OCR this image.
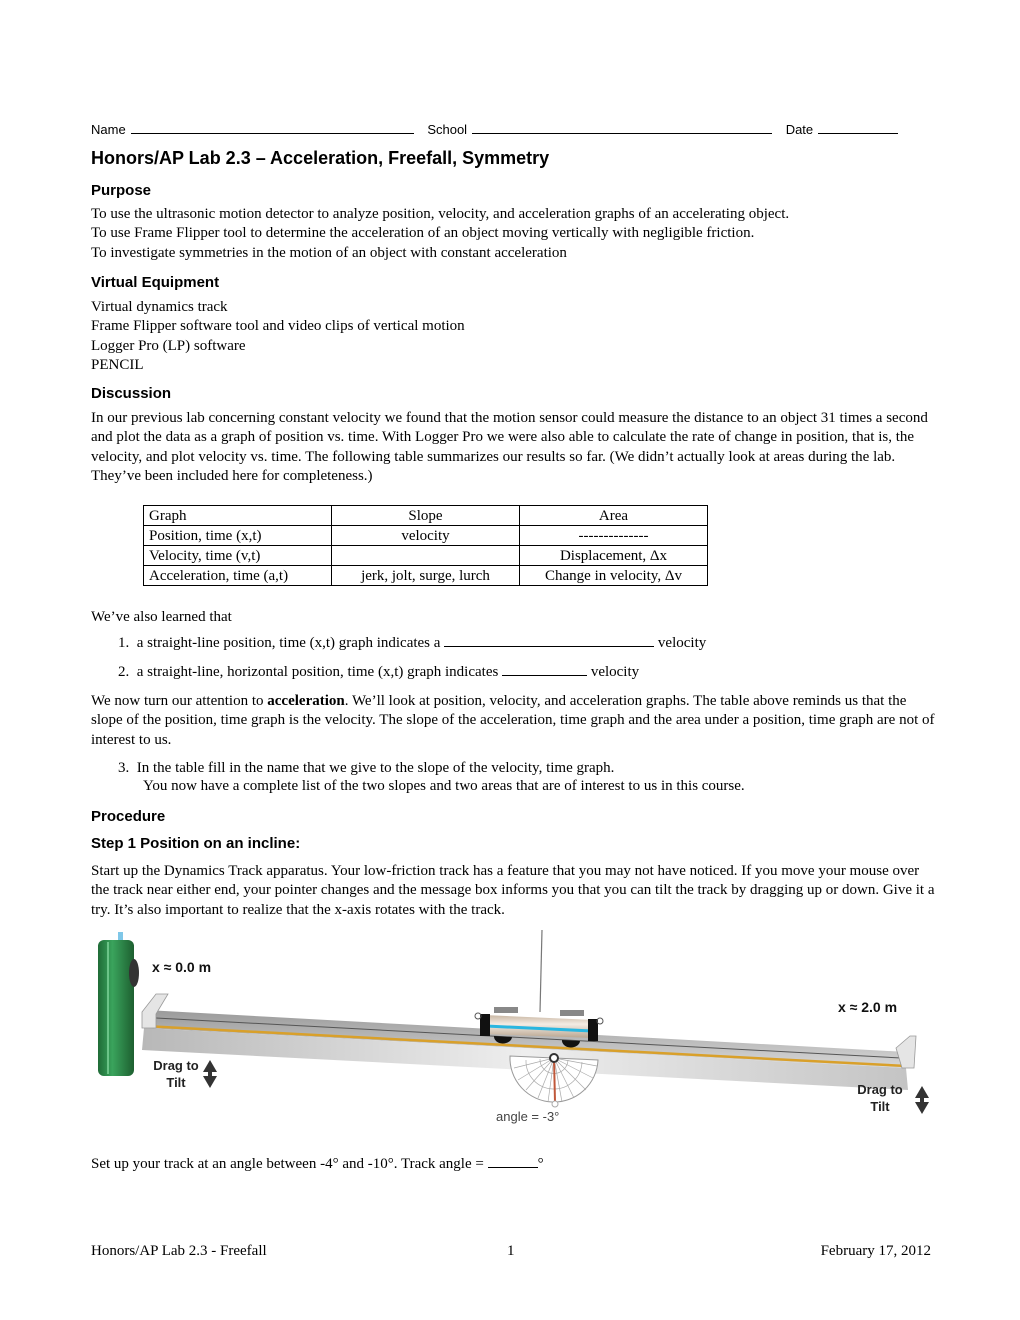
Name	School	Date
Honors/AP Lab 2.3 – Acceleration, Freefall, Symmetry
Purpose
To use the ultrasonic motion detector to analyze position, velocity, and acceleration graphs of an accelerating object.
To use Frame Flipper tool to determine the acceleration of an object moving vertically with negligible friction.
To investigate symmetries in the motion of an object with constant acceleration
Virtual Equipment
Virtual dynamics track
Frame Flipper software tool and video clips of vertical motion
Logger Pro (LP) software
PENCIL
Discussion
In our previous lab concerning constant velocity we found that the motion sensor could measure the distance to an object 31 times a second and plot the data as a graph of position vs. time. With Logger Pro we were also able to calculate the rate of change in position, that is, the velocity, and plot velocity vs. time. The following table summarizes our results so far. (We didn’t actually look at areas during the lab. They’ve been included here for completeness.)
Graph	Slope	Area
Position, time (x,t)	velocity	--------------
Velocity, time (v,t)		Displacement, Δx
Acceleration, time (a,t)	jerk, jolt, surge, lurch	Change in velocity, Δv
We’ve also learned that
1. a straight-line position, time (x,t) graph indicates a	velocity
2. a straight-line, horizontal position, time (x,t) graph indicates	velocity
We now turn our attention to acceleration. We’ll look at position, velocity, and acceleration graphs. The table above reminds us that the slope of the position, time graph is the velocity. The slope of the acceleration, time graph and the area under a position, time graph are not of interest to us.
3. In the table fill in the name that we give to the slope of the velocity, time graph.
You now have a complete list of the two slopes and two areas that are of interest to us in this course.
Procedure
Step 1 Position on an incline:
Start up the Dynamics Track apparatus. Your low-friction track has a feature that you may not have noticed. If you move your mouse over the track near either end, your pointer changes and the message box informs you that you can tilt the track by dragging up or down. Give it a try. It’s also important to realize that the x-axis rotates with the track.
Set up your track at an angle between -4° and -10°. Track angle =	°
x ≈ 0.0 m
x ≈ 2.0 m
angle = -3°
Drag to
Tilt	Drag to
Tilt
Honors/AP Lab 2.3 - Freefall	1	February 17, 2012
